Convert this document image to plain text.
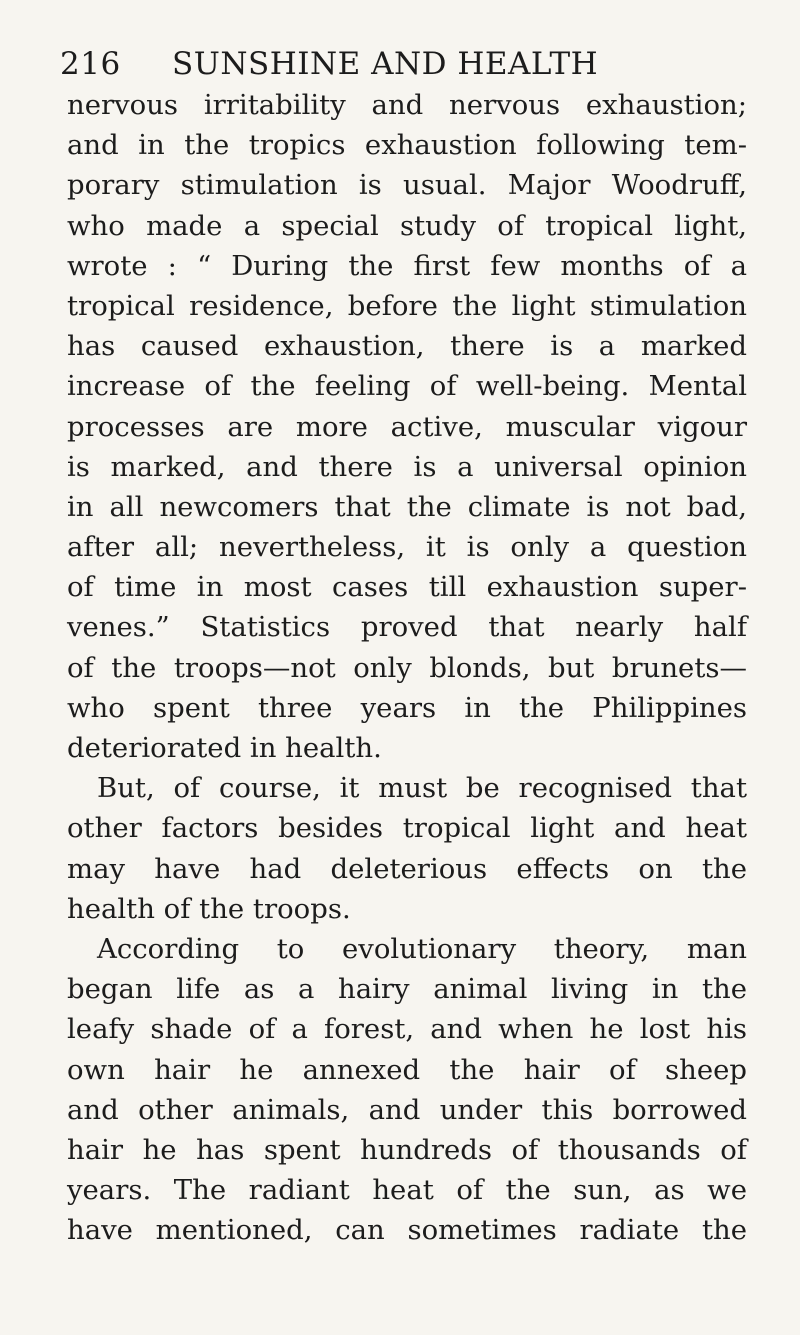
216 SUNSHINE AND HEALTH
nervous irritability and nervous exhaustion;
and in the tropics exhaustion following tem-
porary stimulation is usual. Major Woodruff,
who made a special study of tropical light,
wrote : “ During the first few months of a
tropical residence, before the light stimulation
has caused exhaustion, there is a marked
increase of the feeling of well-being. Mental
processes are more active, muscular vigour
is marked, and there is a universal opinion
in all newcomers that the climate is not bad,
after all; nevertheless, it is only a question
of time in most cases till exhaustion super-
venes.” Statistics proved that nearly half
of the troops—not only blonds, but brunets—
who spent three years in the Philippines
deteriorated in health.
But, of course, it must be recognised that
other factors besides tropical light and heat
may have had deleterious effects on the
health of the troops.
According to evolutionary theory, man
began life as a hairy animal living in the
leafy shade of a forest, and when he lost his
own hair he annexed the hair of sheep
and other animals, and under this borrowed
hair he has spent hundreds of thousands of
years. The radiant heat of the sun, as we
have mentioned, can sometimes radiate the
